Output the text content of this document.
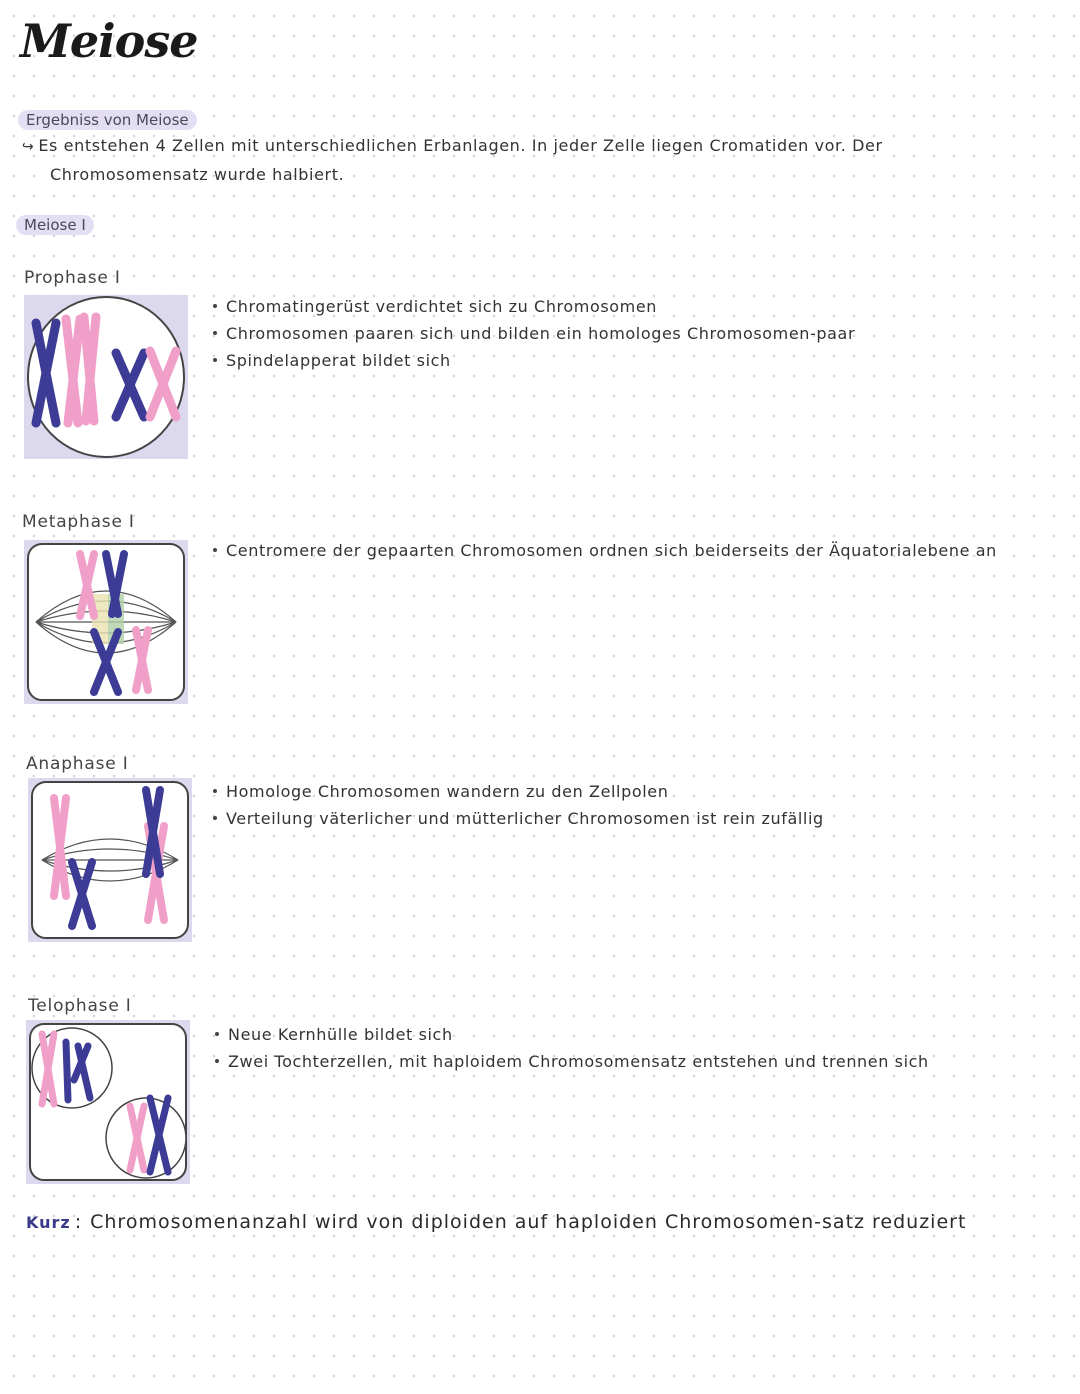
Meiose
Ergebniss von Meiose
↪ Es entstehen 4 Zellen mit unterschiedlichen Erbanlagen. In jeder Zelle liegen Cromatiden vor. Der
Chromosomensatz wurde halbiert.
Meiose I
Prophase I
Chromatingerüst verdichtet sich zu Chromosomen
Chromosomen paaren sich und bilden ein homologes Chromosomen-paar
Spindelapperat bildet sich
Metaphase I
Centromere der gepaarten Chromosomen ordnen sich beiderseits der Äquatorialebene an
Anaphase I
Homologe Chromosomen wandern zu den Zellpolen
Verteilung väterlicher und mütterlicher Chromosomen ist rein zufällig
Telophase I
Neue Kernhülle bildet sich
Zwei Tochterzellen, mit haploidem Chromosomensatz entstehen und trennen sich
Kurz : Chromosomenanzahl wird von diploiden auf haploiden Chromosomen-satz reduziert
